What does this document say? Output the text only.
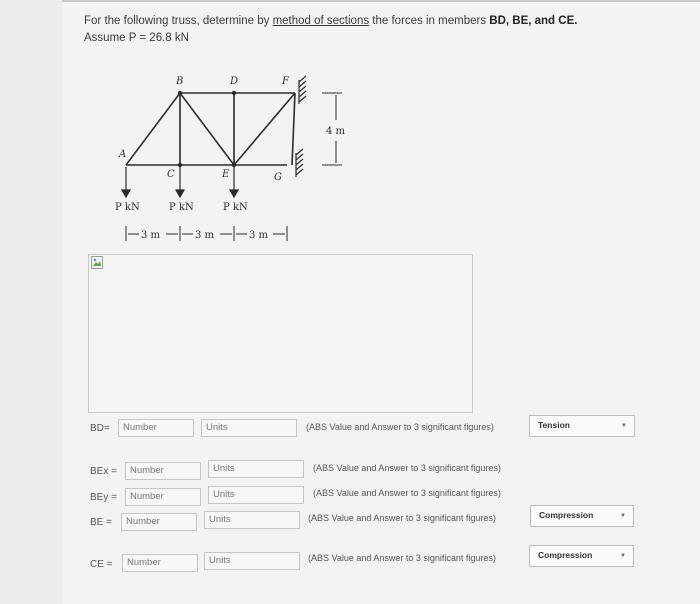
For the following truss, determine by method of sections the forces in members BD, BE, and CE.
Assume P = 26.8 kN
4 m
A
B
C
D
E
F
G
P kN	P kN	P kN
3 m	3 m	3 m
BD=	Number	Units	(ABS Value and Answer to 3 significant figures)	Tension	▼
BEx =	Number	Units	(ABS Value and Answer to 3 significant figures)
BEy =	Number	Units	(ABS Value and Answer to 3 significant figures)
BE =	Number	Units	(ABS Value and Answer to 3 significant figures)	Compression	▼
CE =	Number	Units	(ABS Value and Answer to 3 significant figures)	Compression	▼
